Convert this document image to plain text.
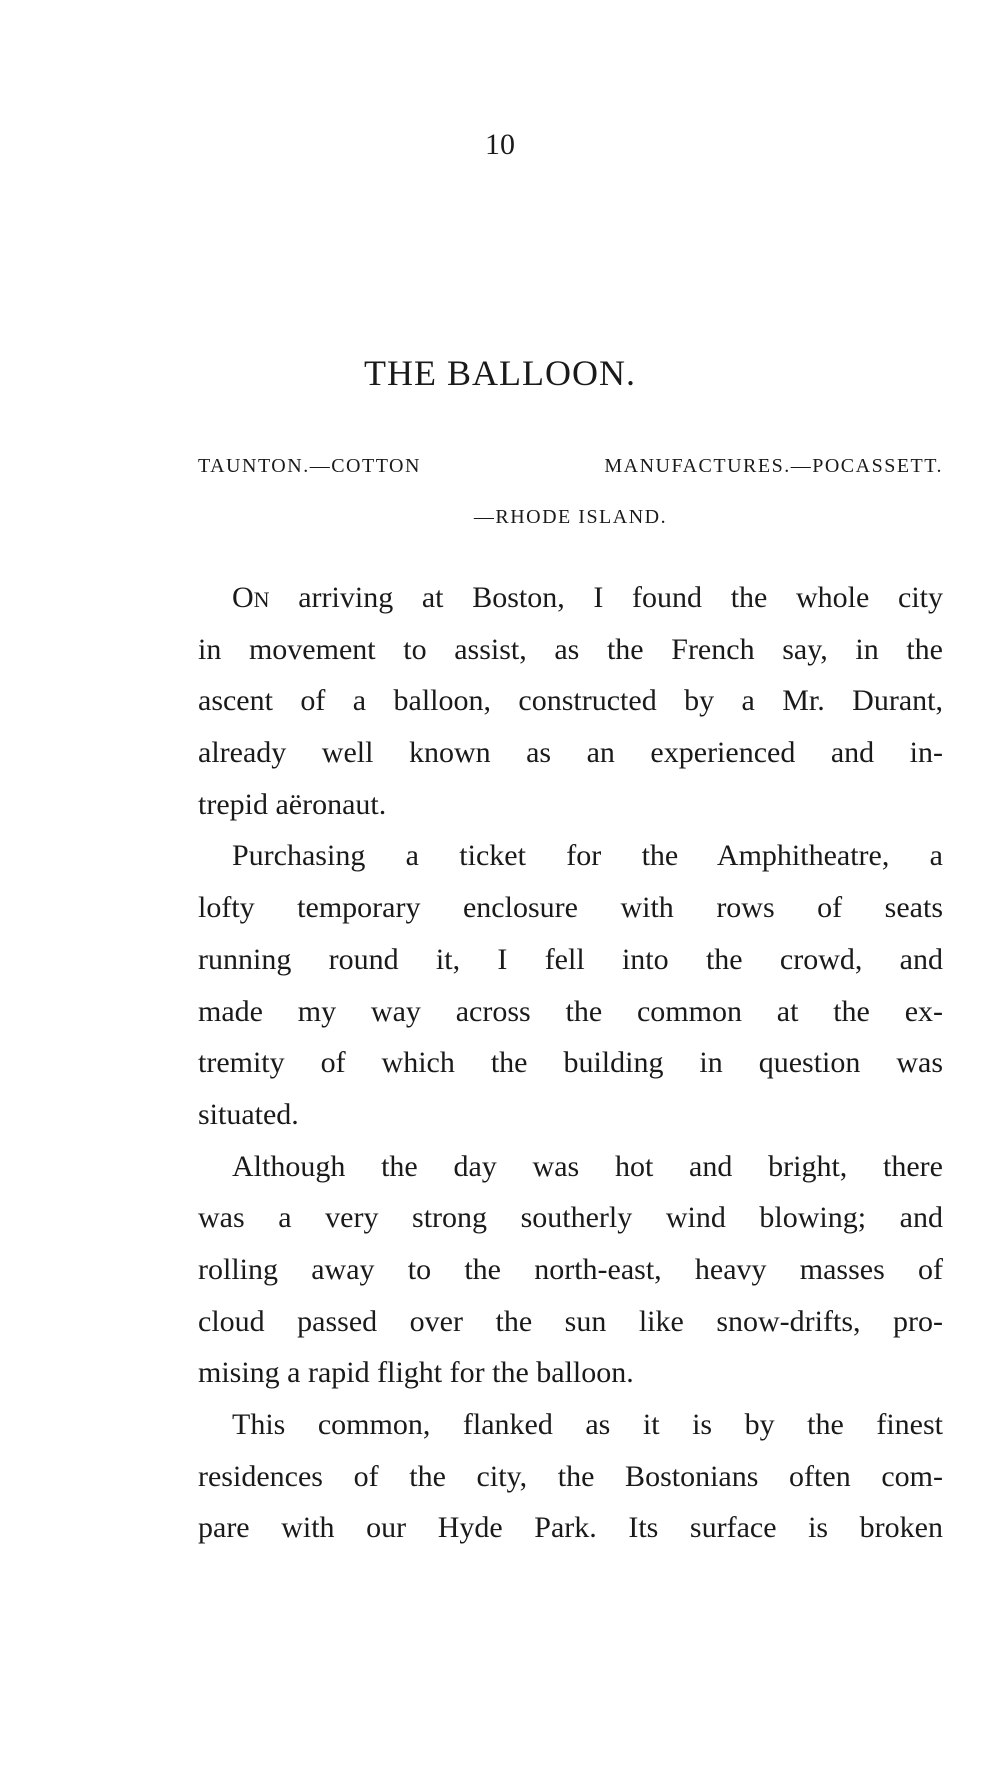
10
THE BALLOON.
TAUNTON.—COTTON MANUFACTURES.—POCASSETT.
—RHODE ISLAND.
ON arriving at Boston, I found the whole city
in movement to assist, as the French say, in the
ascent of a balloon, constructed by a Mr. Durant,
already well known as an experienced and in-
trepid aëronaut.
Purchasing a ticket for the Amphitheatre, a
lofty temporary enclosure with rows of seats
running round it, I fell into the crowd, and
made my way across the common at the ex-
tremity of which the building in question was
situated.
Although the day was hot and bright, there
was a very strong southerly wind blowing; and
rolling away to the north-east, heavy masses of
cloud passed over the sun like snow-drifts, pro-
mising a rapid flight for the balloon.
This common, flanked as it is by the finest
residences of the city, the Bostonians often com-
pare with our Hyde Park. Its surface is broken
